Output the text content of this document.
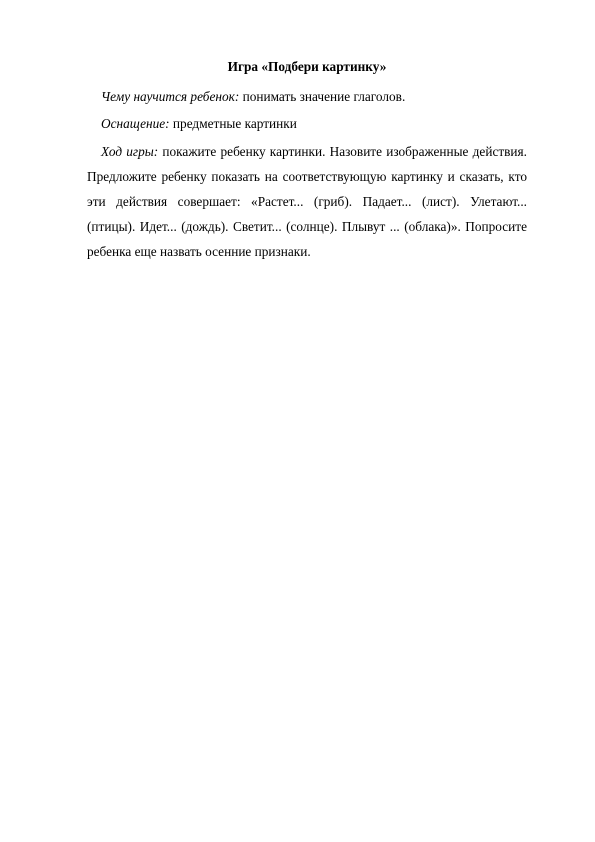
Игра «Подбери картинку»

Чему научится ребенок: понимать значение глаголов.

Оснащение: предметные картинки

Ход игры: покажите ребенку картинки. Назовите изображенные действия. Предложите ребенку показать на соответствующую картинку и сказать, кто эти действия совершает: «Растет... (гриб). Падает... (лист). Улетают... (птицы). Идет... (дождь). Светит... (солнце). Плывут ... (облака)». Попросите ребенка еще назвать осенние признаки.
